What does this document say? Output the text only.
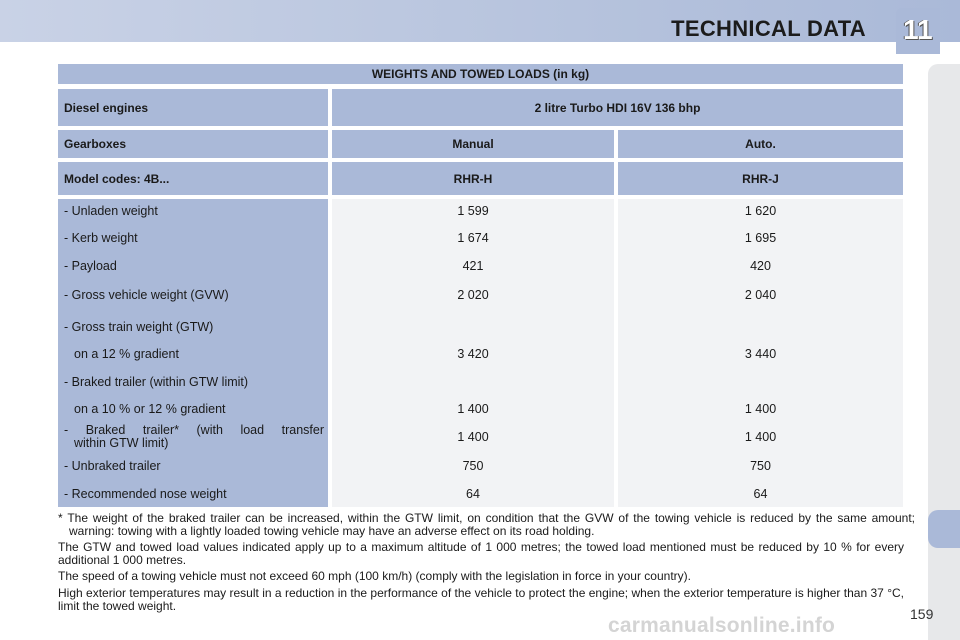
TECHNICAL DATA 11
WEIGHTS AND TOWED LOADS (in kg)
Diesel engines	2 litre Turbo HDI 16V 136 bhp
Gearboxes	Manual	Auto.
Model codes: 4B...	RHR-H	RHR-J
- Unladen weight	1 599	1 620
- Kerb weight	1 674	1 695
- Payload	421	420
- Gross vehicle weight (GVW)	2 020	2 040
- Gross train weight (GTW)
on a 12 % gradient	3 420	3 440
- Braked trailer (within GTW limit)
on a 10 % or 12 % gradient	1 400	1 400
- Braked trailer* (with load transfer
within GTW limit)	1 400	1 400
- Unbraked trailer	750	750
- Recommended nose weight	64	64
* The weight of the braked trailer can be increased, within the GTW limit, on condition that the GVW of the towing vehicle is reduced by the same amount; warning: towing with a lightly loaded towing vehicle may have an adverse effect on its road holding.
The GTW and towed load values indicated apply up to a maximum altitude of 1 000 metres; the towed load mentioned must be reduced by 10 % for every additional 1 000 metres.
The speed of a towing vehicle must not exceed 60 mph (100 km/h) (comply with the legislation in force in your country).
High exterior temperatures may result in a reduction in the performance of the vehicle to protect the engine; when the exterior temperature is higher than 37 °C, limit the towed weight.	159
carmanualsonline.info
